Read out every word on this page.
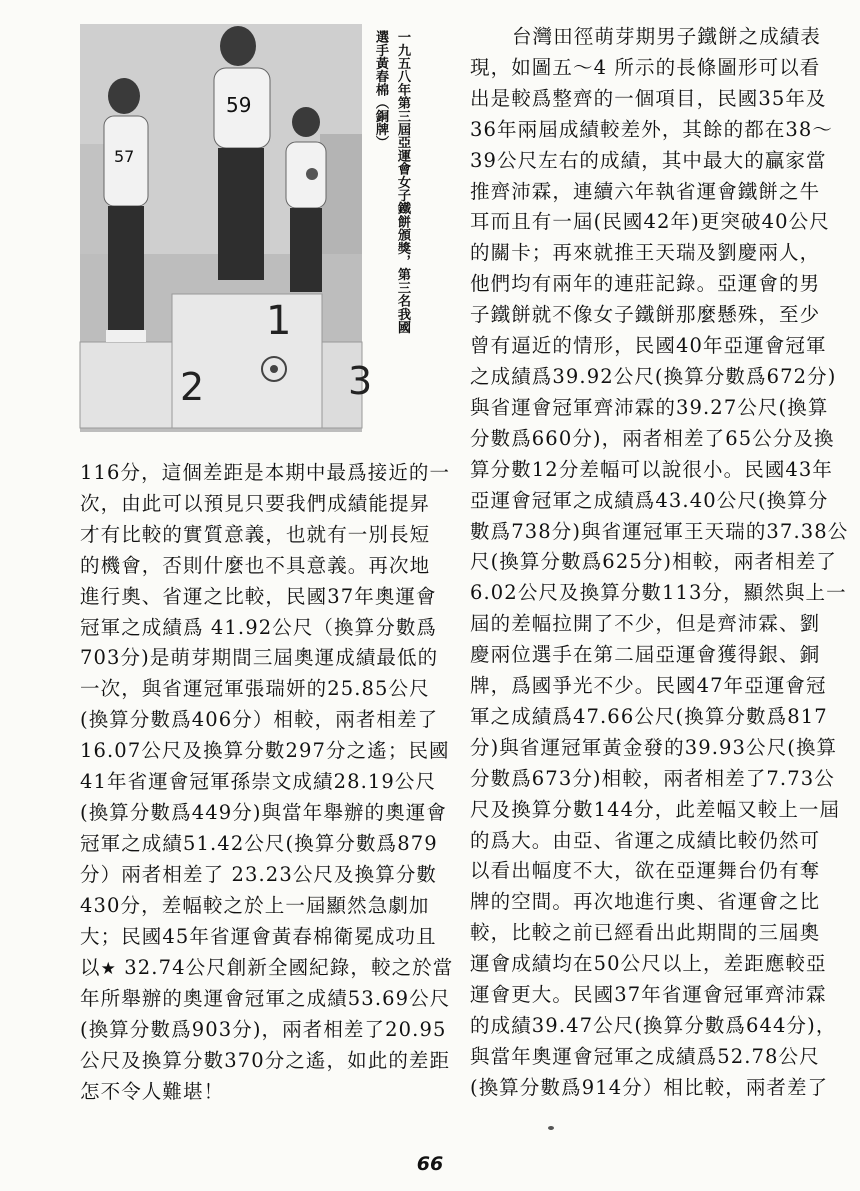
2
1
3
57
59	一九五八年第三屆亞運會女子鐵餅頒獎，第三名我國
選手黃春棉（銅牌）

116分，這個差距是本期中最爲接近的一

次，由此可以預見只要我們成績能提昇

才有比較的實質意義，也就有一別長短

的機會，否則什麼也不具意義。再次地

進行奧、省運之比較，民國37年奧運會

冠軍之成績爲 41.92公尺（換算分數爲

703分)是萌芽期間三屆奧運成績最低的

一次，與省運冠軍張瑞妍的25.85公尺

(換算分數爲406分）相較，兩者相差了

16.07公尺及換算分數297分之遙；民國

41年省運會冠軍孫崇文成績28.19公尺

(換算分數爲449分)與當年舉辦的奧運會

冠軍之成績51.42公尺(換算分數爲879

分）兩者相差了 23.23公尺及換算分數

430分，差幅較之於上一屆顯然急劇加

大；民國45年省運會黃春棉衛冕成功且

以★ 32.74公尺創新全國紀錄，較之於當

年所舉辦的奧運會冠軍之成績53.69公尺

(換算分數爲903分)，兩者相差了20.95

公尺及換算分數370分之遙，如此的差距

怎不令人難堪！

台灣田徑萌芽期男子鐵餅之成績表

現，如圖五～4 所示的長條圖形可以看

出是較爲整齊的一個項目，民國35年及

36年兩屆成績較差外，其餘的都在38～

39公尺左右的成績，其中最大的贏家當

推齊沛霖，連續六年執省運會鐵餅之牛

耳而且有一屆(民國42年)更突破40公尺

的關卡；再來就推王天瑞及劉慶兩人，

他們均有兩年的連莊記錄。亞運會的男

子鐵餅就不像女子鐵餅那麼懸殊，至少

曾有逼近的情形，民國40年亞運會冠軍

之成績爲39.92公尺(換算分數爲672分)

與省運會冠軍齊沛霖的39.27公尺(換算

分數爲660分)，兩者相差了65公分及換

算分數12分差幅可以說很小。民國43年

亞運會冠軍之成績爲43.40公尺(換算分

數爲738分)與省運冠軍王天瑞的37.38公

尺(換算分數爲625分)相較，兩者相差了

6.02公尺及換算分數113分，顯然與上一

屆的差幅拉開了不少，但是齊沛霖、劉

慶兩位選手在第二屆亞運會獲得銀、銅

牌，爲國爭光不少。民國47年亞運會冠

軍之成績爲47.66公尺(換算分數爲817

分)與省運冠軍黃金發的39.93公尺(換算

分數爲673分)相較，兩者相差了7.73公

尺及換算分數144分，此差幅又較上一屆

的爲大。由亞、省運之成績比較仍然可

以看出幅度不大，欲在亞運舞台仍有奪

牌的空間。再次地進行奧、省運會之比

較，比較之前已經看出此期間的三屆奧

運會成績均在50公尺以上，差距應較亞

運會更大。民國37年省運會冠軍齊沛霖

的成績39.47公尺(換算分數爲644分)，

與當年奧運會冠軍之成績爲52.78公尺

(換算分數爲914分）相比較，兩者差了

66
